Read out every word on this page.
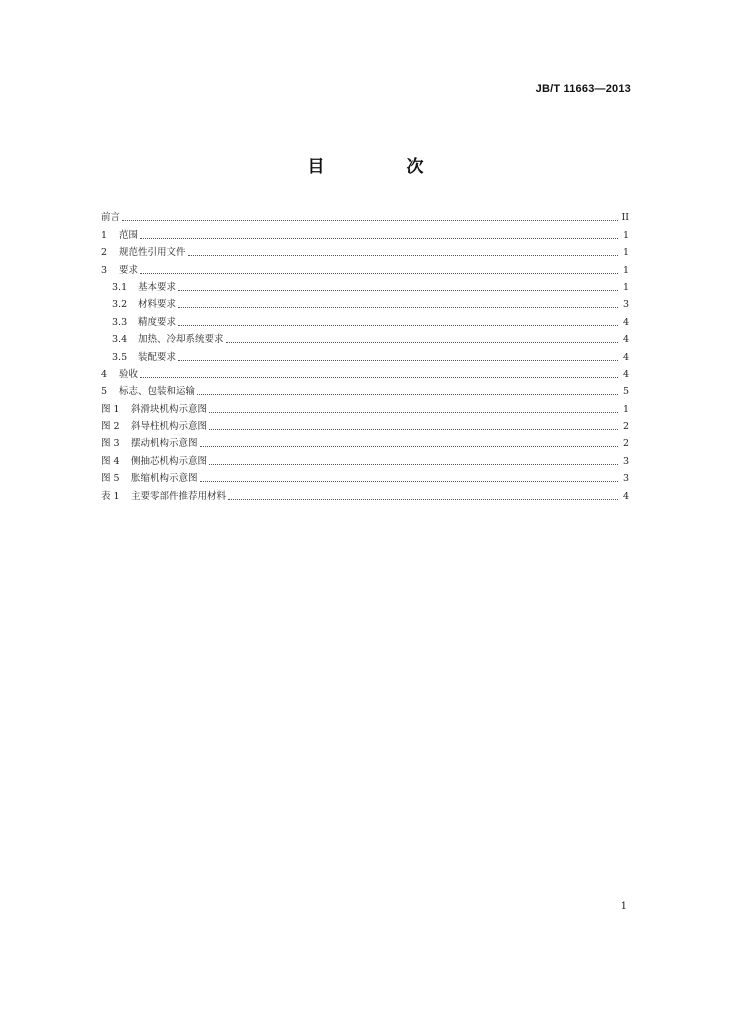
JB/T 11663—2013
目 次
前言	II
1	范围	1
2	规范性引用文件	1
3	要求	1
3.1	基本要求	1
3.2	材料要求	3
3.3	精度要求	4
3.4	加热、冷却系统要求	4
3.5	装配要求	4
4	验收	4
5	标志、包装和运输	5
图 1	斜滑块机构示意图	1
图 2	斜导柱机构示意图	2
图 3	摆动机构示意图	2
图 4	侧抽芯机构示意图	3
图 5	胀缩机构示意图	3
表 1	主要零部件推荐用材料	4
1
